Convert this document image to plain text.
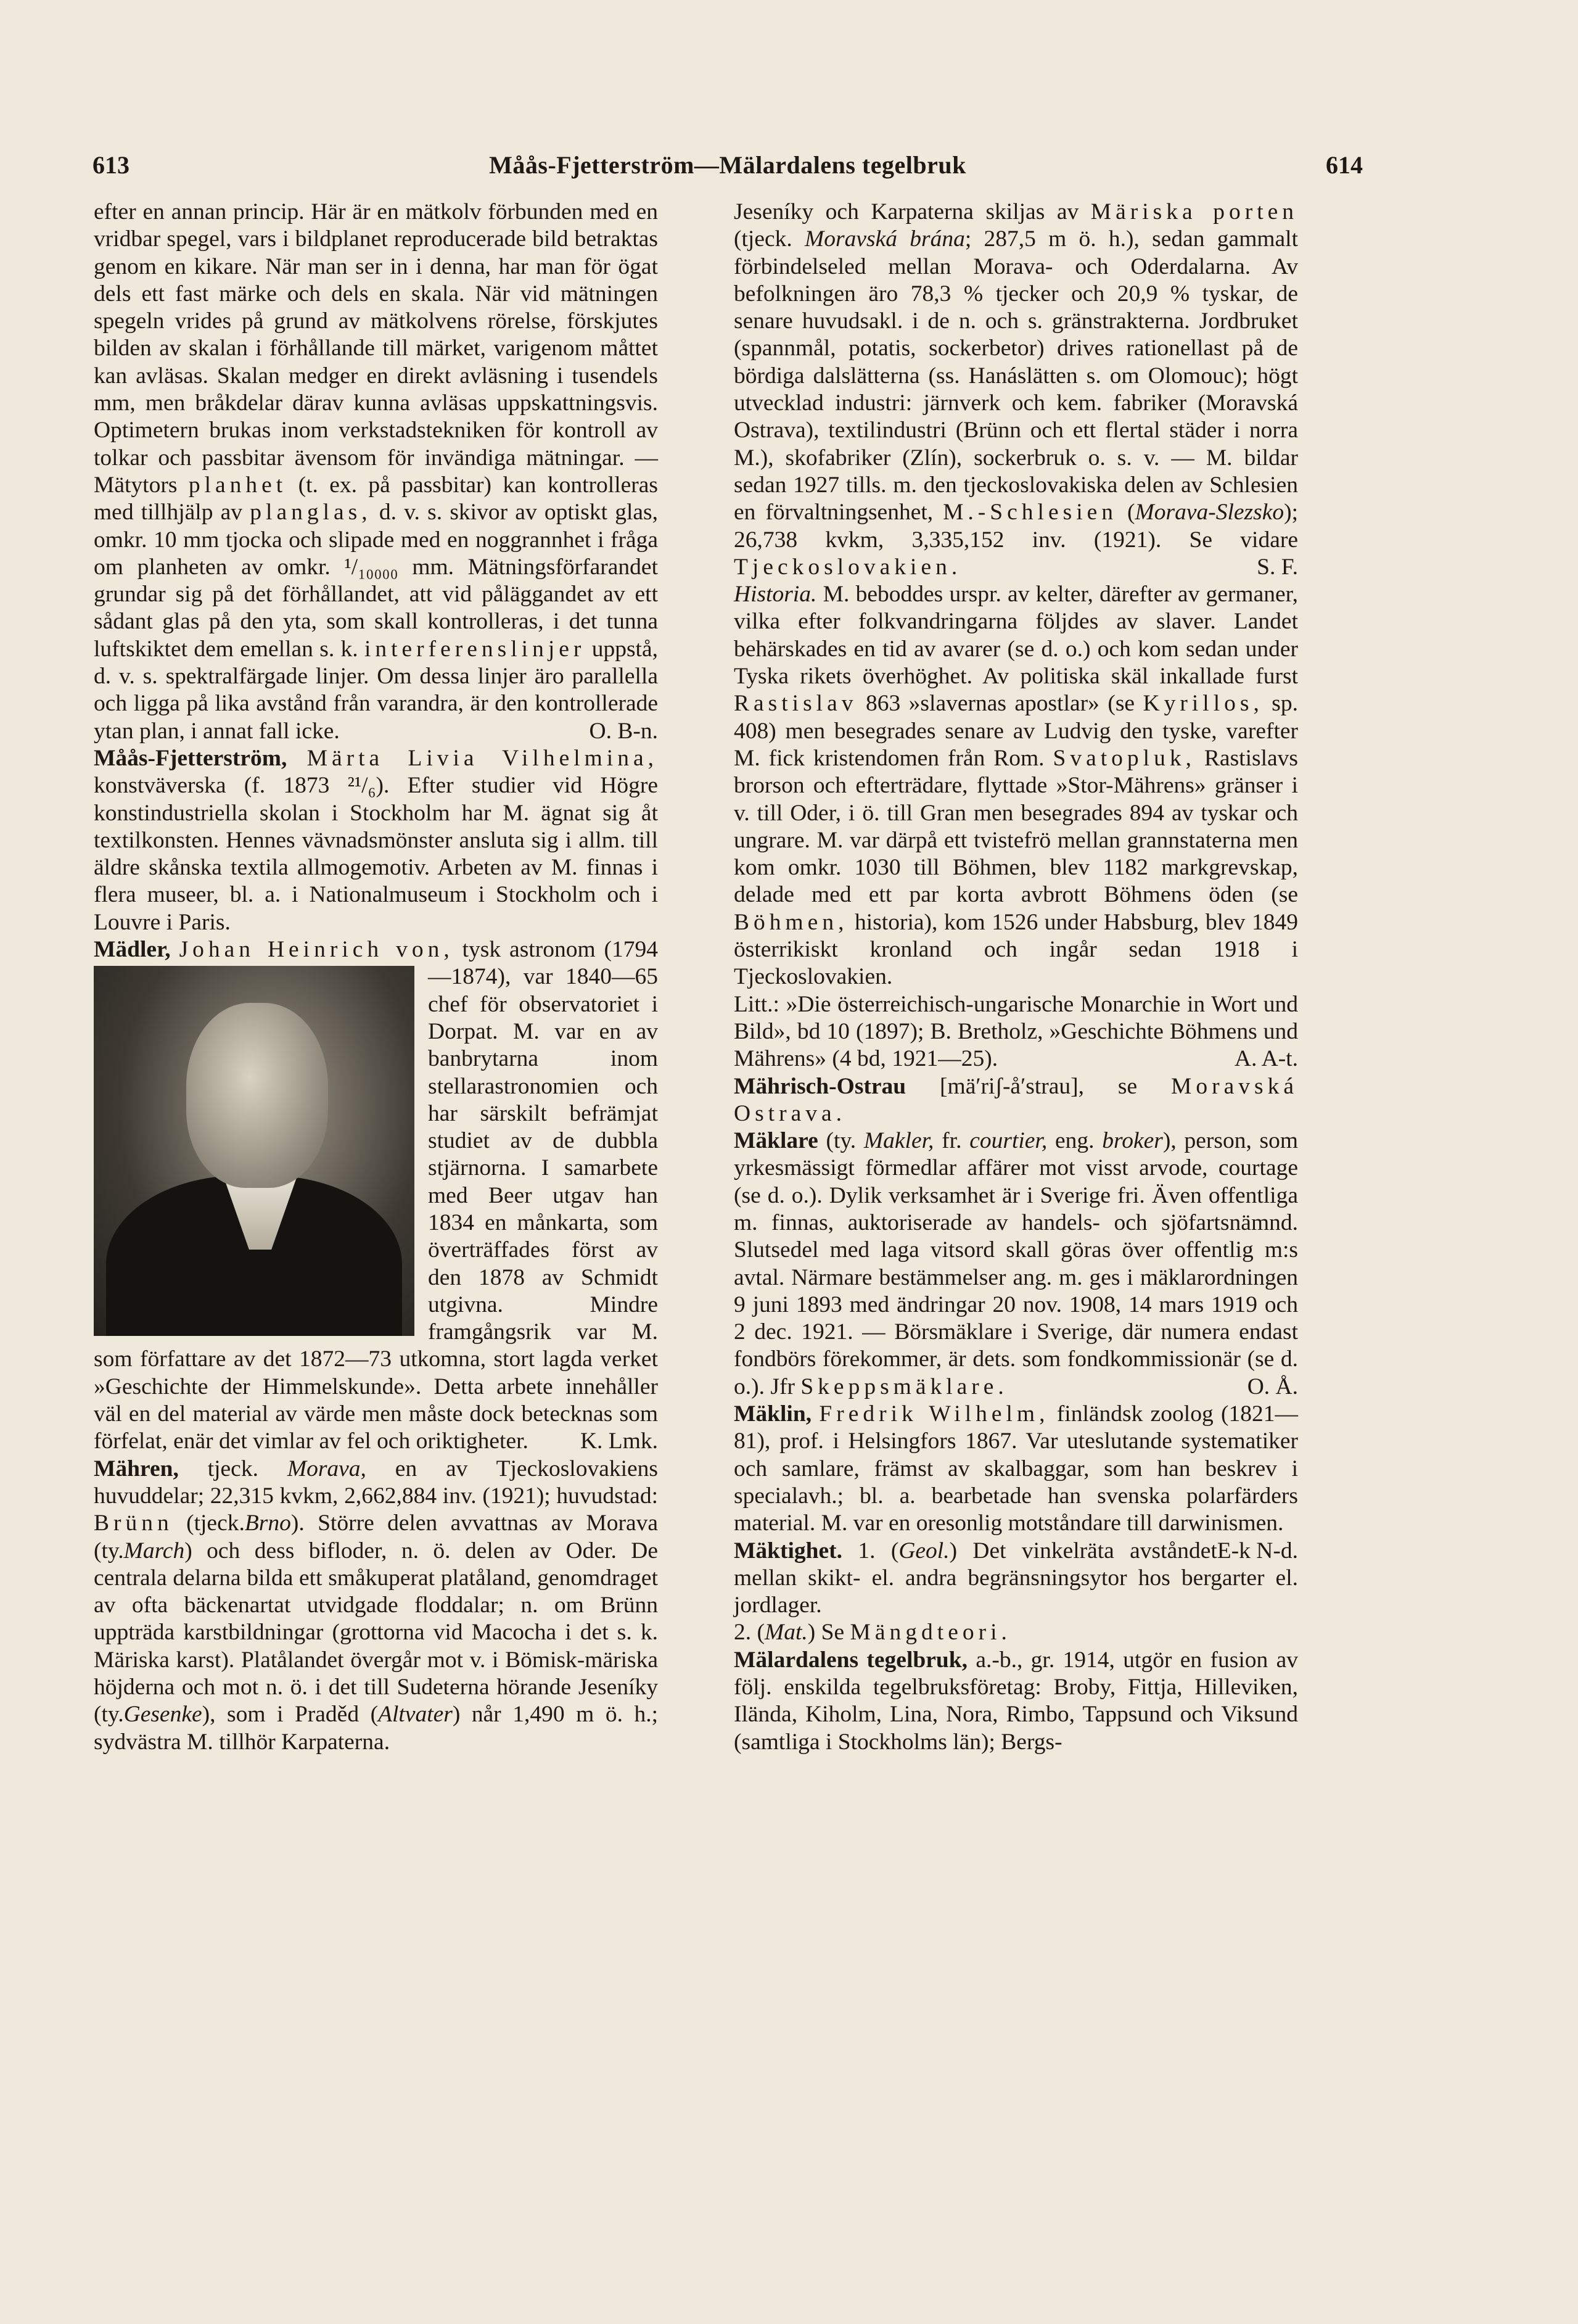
613	Måås-Fjetterström—Mälardalens tegelbruk	614

efter en annan princip. Här är en mätkolv förbunden med en vridbar spegel, vars i bildplanet reproducerade bild betraktas genom en kikare. När man ser in i denna, har man för ögat dels ett fast märke och dels en skala. När vid mätningen spegeln vrides på grund av mätkolvens rörelse, förskjutes bilden av skalan i förhållande till märket, varigenom måttet kan avläsas. Skalan medger en direkt avläsning i tusendels mm, men bråkdelar därav kunna avläsas uppskattningsvis. Optimetern brukas inom verkstadstekniken för kontroll av tolkar och passbitar ävensom för invändiga mätningar. — Mätytors planhet (t. ex. på passbitar) kan kontrolleras med tillhjälp av planglas, d. v. s. skivor av optiskt glas, omkr. 10 mm tjocka och slipade med en noggrannhet i fråga om planheten av omkr. ¹/₁₀₀₀₀ mm. Mätningsförfarandet grundar sig på det förhållandet, att vid påläggandet av ett sådant glas på den yta, som skall kontrolleras, i det tunna luftskiktet dem emellan s. k. interferenslinjer uppstå, d. v. s. spektralfärgade linjer. Om dessa linjer äro parallella och ligga på lika avstånd från varandra, är den kontrollerade ytan plan, i annat fall icke.	O. B-n.

Måås-Fjetterström, Märta Livia Vilhelmina, konstväverska (f. 1873 ²¹/₆). Efter studier vid Högre konstindustriella skolan i Stockholm har M. ägnat sig åt textilkonsten. Hennes vävnadsmönster ansluta sig i allm. till äldre skånska textila allmogemotiv. Arbeten av M. finnas i flera museer, bl. a. i Nationalmuseum i Stockholm och i Louvre i Paris.

Mädler, Johan Heinrich von, tysk astronom (1794—1874), var 1840—65 chef för observatoriet i Dorpat. M. var en av banbrytarna inom stellarastronomien och har särskilt befrämjat studiet av de dubbla stjärnorna. I samarbete med Beer utgav han 1834 en månkarta, som överträffades först av den 1878 av Schmidt utgivna. Mindre framgångsrik var M. som författare av det 1872—73 utkomna, stort lagda verket »Geschichte der Himmelskunde». Detta arbete innehåller väl en del material av värde men måste dock betecknas som förfelat, enär det vimlar av fel och oriktigheter. K. Lmk.

Mähren, tjeck. Morava, en av Tjeckoslovakiens huvuddelar; 22,315 kvkm, 2,662,884 inv. (1921); huvudstad: Brünn (tjeck.Brno). Större delen avvattnas av Morava (ty.March) och dess bifloder, n. ö. delen av Oder. De centrala delarna bilda ett småkuperat platåland, genomdraget av ofta bäckenartat utvidgade floddalar; n. om Brünn uppträda karstbildningar (grottorna vid Macocha i det s. k. Märiska karst). Platålandet övergår mot v. i Bömisk-märiska höjderna och mot n. ö. i det till Sudeterna hörande Jeseníky (ty.Gesenke), som i Praděd (Altvater) når 1,490 m ö. h.; sydvästra M. tillhör Karpaterna.

Jeseníky och Karpaterna skiljas av Märiska porten (tjeck. Moravská brána; 287,5 m ö. h.), sedan gammalt förbindelseled mellan Morava- och Oderdalarna. Av befolkningen äro 78,3 % tjecker och 20,9 % tyskar, de senare huvudsakl. i de n. och s. gränstrakterna. Jordbruket (spannmål, potatis, sockerbetor) drives rationellast på de bördiga dalslätterna (ss. Hanáslätten s. om Olomouc); högt utvecklad industri: järnverk och kem. fabriker (Moravská Ostrava), textilindustri (Brünn och ett flertal städer i norra M.), skofabriker (Zlín), sockerbruk o. s. v. — M. bildar sedan 1927 tills. m. den tjeckoslovakiska delen av Schlesien en förvaltningsenhet, M.-Schlesien (Morava-Slezsko); 26,738 kvkm, 3,335,152 inv. (1921). Se vidare Tjeckoslovakien.	S. F.

Historia. M. beboddes urspr. av kelter, därefter av germaner, vilka efter folkvandringarna följdes av slaver. Landet behärskades en tid av avarer (se d. o.) och kom sedan under Tyska rikets överhöghet. Av politiska skäl inkallade furst Rastislav 863 »slavernas apostlar» (se Kyrillos, sp. 408) men besegrades senare av Ludvig den tyske, varefter M. fick kristendomen från Rom. Svatopluk, Rastislavs brorson och efterträdare, flyttade »Stor-Mährens» gränser i v. till Oder, i ö. till Gran men besegrades 894 av tyskar och ungrare. M. var därpå ett tvistefrö mellan grannstaterna men kom omkr. 1030 till Böhmen, blev 1182 markgrevskap, delade med ett par korta avbrott Böhmens öden (se Böhmen, historia), kom 1526 under Habsburg, blev 1849 österrikiskt kronland och ingår sedan 1918 i Tjeckoslovakien.

Litt.: »Die österreichisch-ungarische Monarchie in Wort und Bild», bd 10 (1897); B. Bretholz, »Geschichte Böhmens und Mährens» (4 bd, 1921—25).	A. A-t.

Mährisch-Ostrau [mä′riʃ-å′strau], se Moravská Ostrava.

Mäklare (ty. Makler, fr. courtier, eng. broker), person, som yrkesmässigt förmedlar affärer mot visst arvode, courtage (se d. o.). Dylik verksamhet är i Sverige fri. Även offentliga m. finnas, auktoriserade av handels- och sjöfartsnämnd. Slutsedel med laga vitsord skall göras över offentlig m:s avtal. Närmare bestämmelser ang. m. ges i mäklarordningen 9 juni 1893 med ändringar 20 nov. 1908, 14 mars 1919 och 2 dec. 1921. — Börsmäklare i Sverige, där numera endast fondbörs förekommer, är dets. som fondkommissionär (se d. o.). Jfr Skeppsmäklare.	O. Å.

Mäklin, Fredrik Wilhelm, finländsk zoolog (1821—81), prof. i Helsingfors 1867. Var uteslutande systematiker och samlare, främst av skalbaggar, som han beskrev i specialavh.; bl. a. bearbetade han svenska polarfärders material. M. var en oresonlig motståndare till darwinismen.
E-k N-d.

Mäktighet. 1. (Geol.) Det vinkelräta avståndet mellan skikt- el. andra begränsningsytor hos bergarter el. jordlager.

2. (Mat.) Se Mängdteori.

Mälardalens tegelbruk, a.-b., gr. 1914, utgör en fusion av följ. enskilda tegelbruksföretag: Broby, Fittja, Hilleviken, Ilända, Kiholm, Lina, Nora, Rimbo, Tappsund och Viksund (samtliga i Stockholms län); Bergs-
